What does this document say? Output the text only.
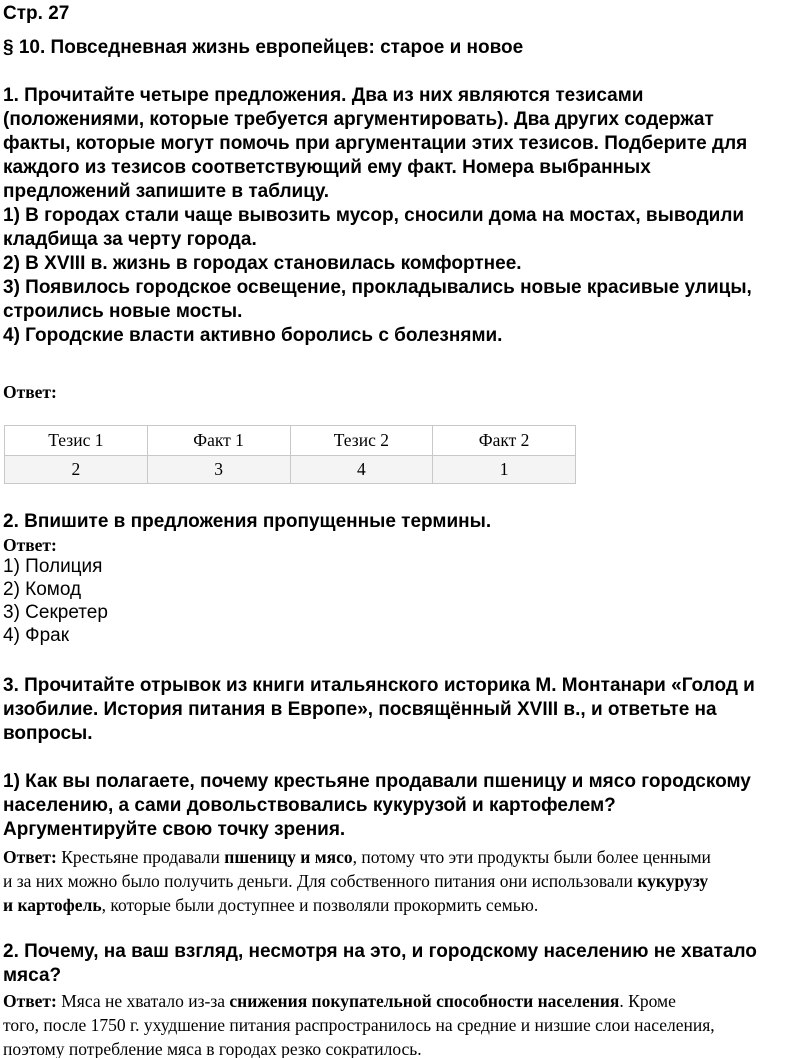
Стр. 27

§ 10. Повседневная жизнь европейцев: старое и новое

1. Прочитайте четыре предложения. Два из них являются тезисами
(положениями, которые требуется аргументировать). Два других содержат
факты, которые могут помочь при аргументации этих тезисов. Подберите для
каждого из тезисов соответствующий ему факт. Номера выбранных
предложений запишите в таблицу.
1) В городах стали чаще вывозить мусор, сносили дома на мостах, выводили
кладбища за черту города.
2) В XVIII в. жизнь в городах становилась комфортнее.
3) Появилось городское освещение, прокладывались новые красивые улицы,
строились новые мосты.
4) Городские власти активно боролись с болезнями.

Ответ:

Тезис 1	Факт 1	Тезис 2	Факт 2
2	3	4	1

2. Впишите в предложения пропущенные термины.

Ответ:

1) Полиция
2) Комод
3) Секретер
4) Фрак
3. Прочитайте отрывок из книги итальянского историка М. Монтанари «Голод и
изобилие. История питания в Европе», посвящённый XVIII в., и ответьте на
вопросы.
1) Как вы полагаете, почему крестьяне продавали пшеницу и мясо городскому
населению, а сами довольствовались кукурузой и картофелем?
Аргументируйте свою точку зрения.
Ответ: Крестьяне продавали пшеницу и мясо, потому что эти продукты были более ценными
и за них можно было получить деньги. Для собственного питания они использовали кукурузу
и картофель, которые были доступнее и позволяли прокормить семью.
2. Почему, на ваш взгляд, несмотря на это, и городскому населению не хватало
мяса?
Ответ: Мяса не хватало из-за снижения покупательной способности населения. Кроме
того, после 1750 г. ухудшение питания распространилось на средние и низшие слои населения,
поэтому потребление мяса в городах резко сократилось.
